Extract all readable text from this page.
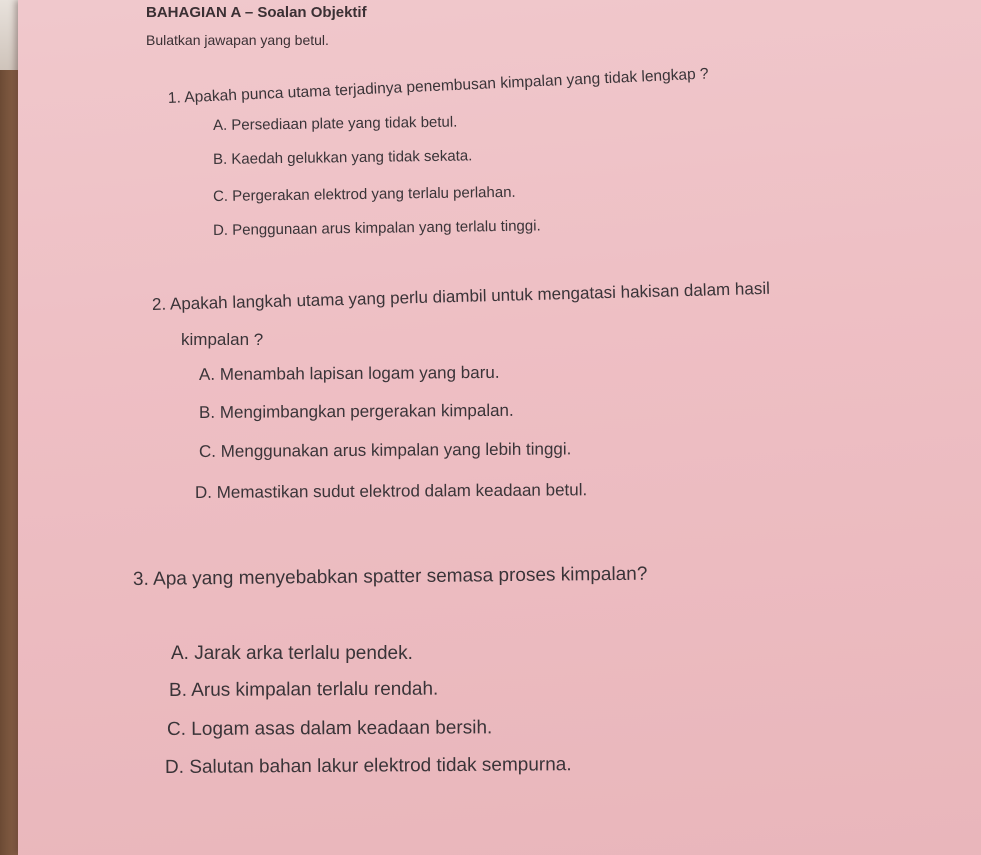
BAHAGIAN A – Soalan Objektif
Bulatkan jawapan yang betul.
1. Apakah punca utama terjadinya penembusan kimpalan yang tidak lengkap ?
A. Persediaan plate yang tidak betul.
B. Kaedah gelukkan yang tidak sekata.
C. Pergerakan elektrod yang terlalu perlahan.
D. Penggunaan arus kimpalan yang terlalu tinggi.
2. Apakah langkah utama yang perlu diambil untuk mengatasi hakisan dalam hasil
kimpalan ?
A. Menambah lapisan logam yang baru.
B. Mengimbangkan pergerakan kimpalan.
C. Menggunakan arus kimpalan yang lebih tinggi.
D. Memastikan sudut elektrod dalam keadaan betul.
3. Apa yang menyebabkan spatter semasa proses kimpalan?
A. Jarak arka terlalu pendek.
B. Arus kimpalan terlalu rendah.
C. Logam asas dalam keadaan bersih.
D. Salutan bahan lakur elektrod tidak sempurna.
